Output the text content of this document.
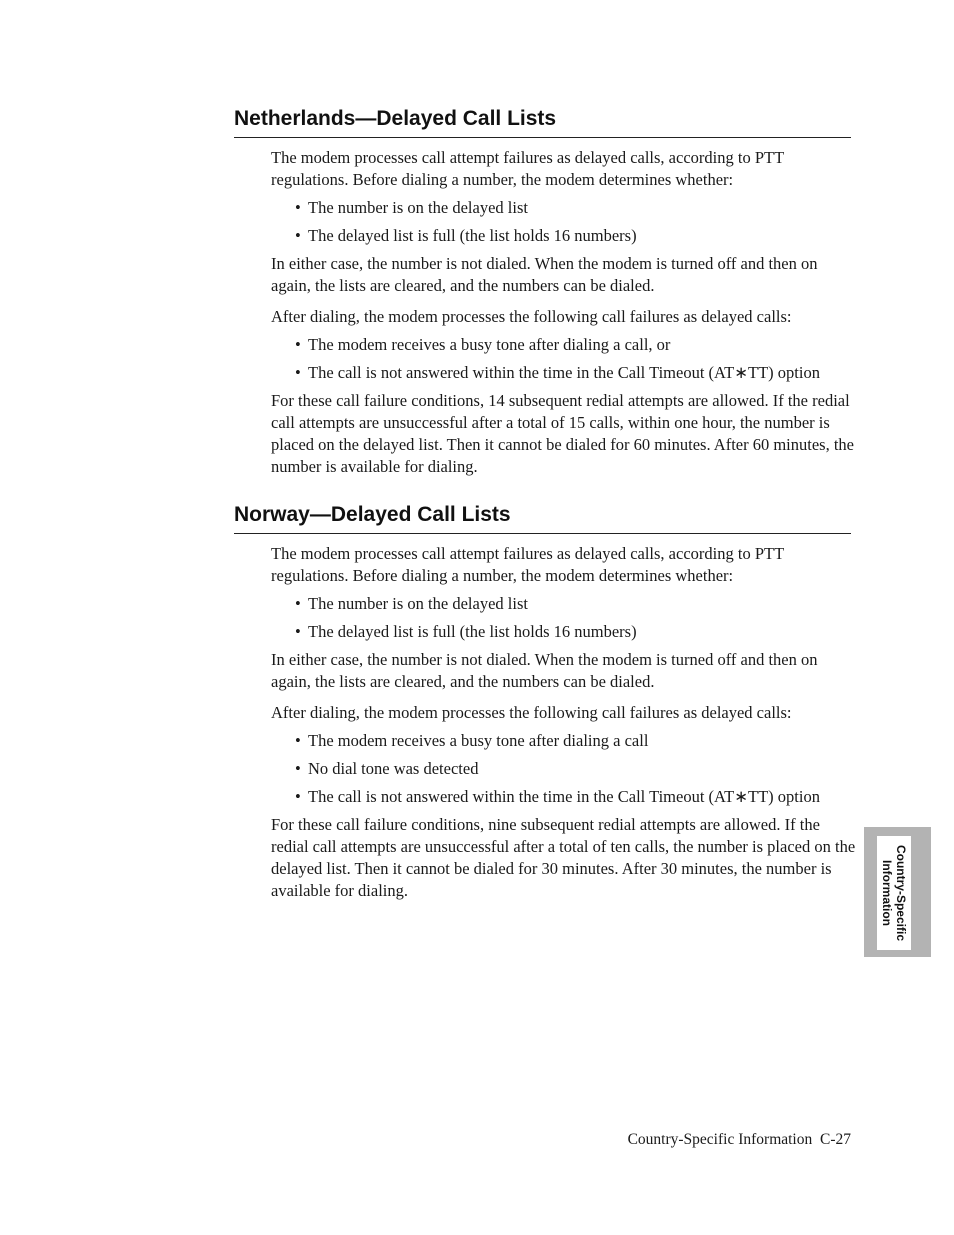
Netherlands—Delayed Call Lists

The modem processes call attempt failures as delayed calls, according to PTT regulations. Before dialing a number, the modem determines whether:

• The number is on the delayed list
• The delayed list is full (the list holds 16 numbers)

In either case, the number is not dialed. When the modem is turned off and then on again, the lists are cleared, and the numbers can be dialed.

After dialing, the modem processes the following call failures as delayed calls:

• The modem receives a busy tone after dialing a call, or
• The call is not answered within the time in the Call Timeout (AT∗TT) option

For these call failure conditions, 14 subsequent redial attempts are allowed. If the redial call attempts are unsuccessful after a total of 15 calls, within one hour, the number is placed on the delayed list. Then it cannot be dialed for 60 minutes. After 60 minutes, the number is available for dialing.

Norway—Delayed Call Lists

The modem processes call attempt failures as delayed calls, according to PTT regulations. Before dialing a number, the modem determines whether:

• The number is on the delayed list
• The delayed list is full (the list holds 16 numbers)

In either case, the number is not dialed. When the modem is turned off and then on again, the lists are cleared, and the numbers can be dialed.

After dialing, the modem processes the following call failures as delayed calls:

• The modem receives a busy tone after dialing a call
• No dial tone was detected
• The call is not answered within the time in the Call Timeout (AT∗TT) option

For these call failure conditions, nine subsequent redial attempts are allowed. If the redial call attempts are unsuccessful after a total of ten calls, the number is placed on the delayed list. Then it cannot be dialed for 30 minutes. After 30 minutes, the number is available for dialing.	Country-Specific
Information
Country-Specific Information C-27
